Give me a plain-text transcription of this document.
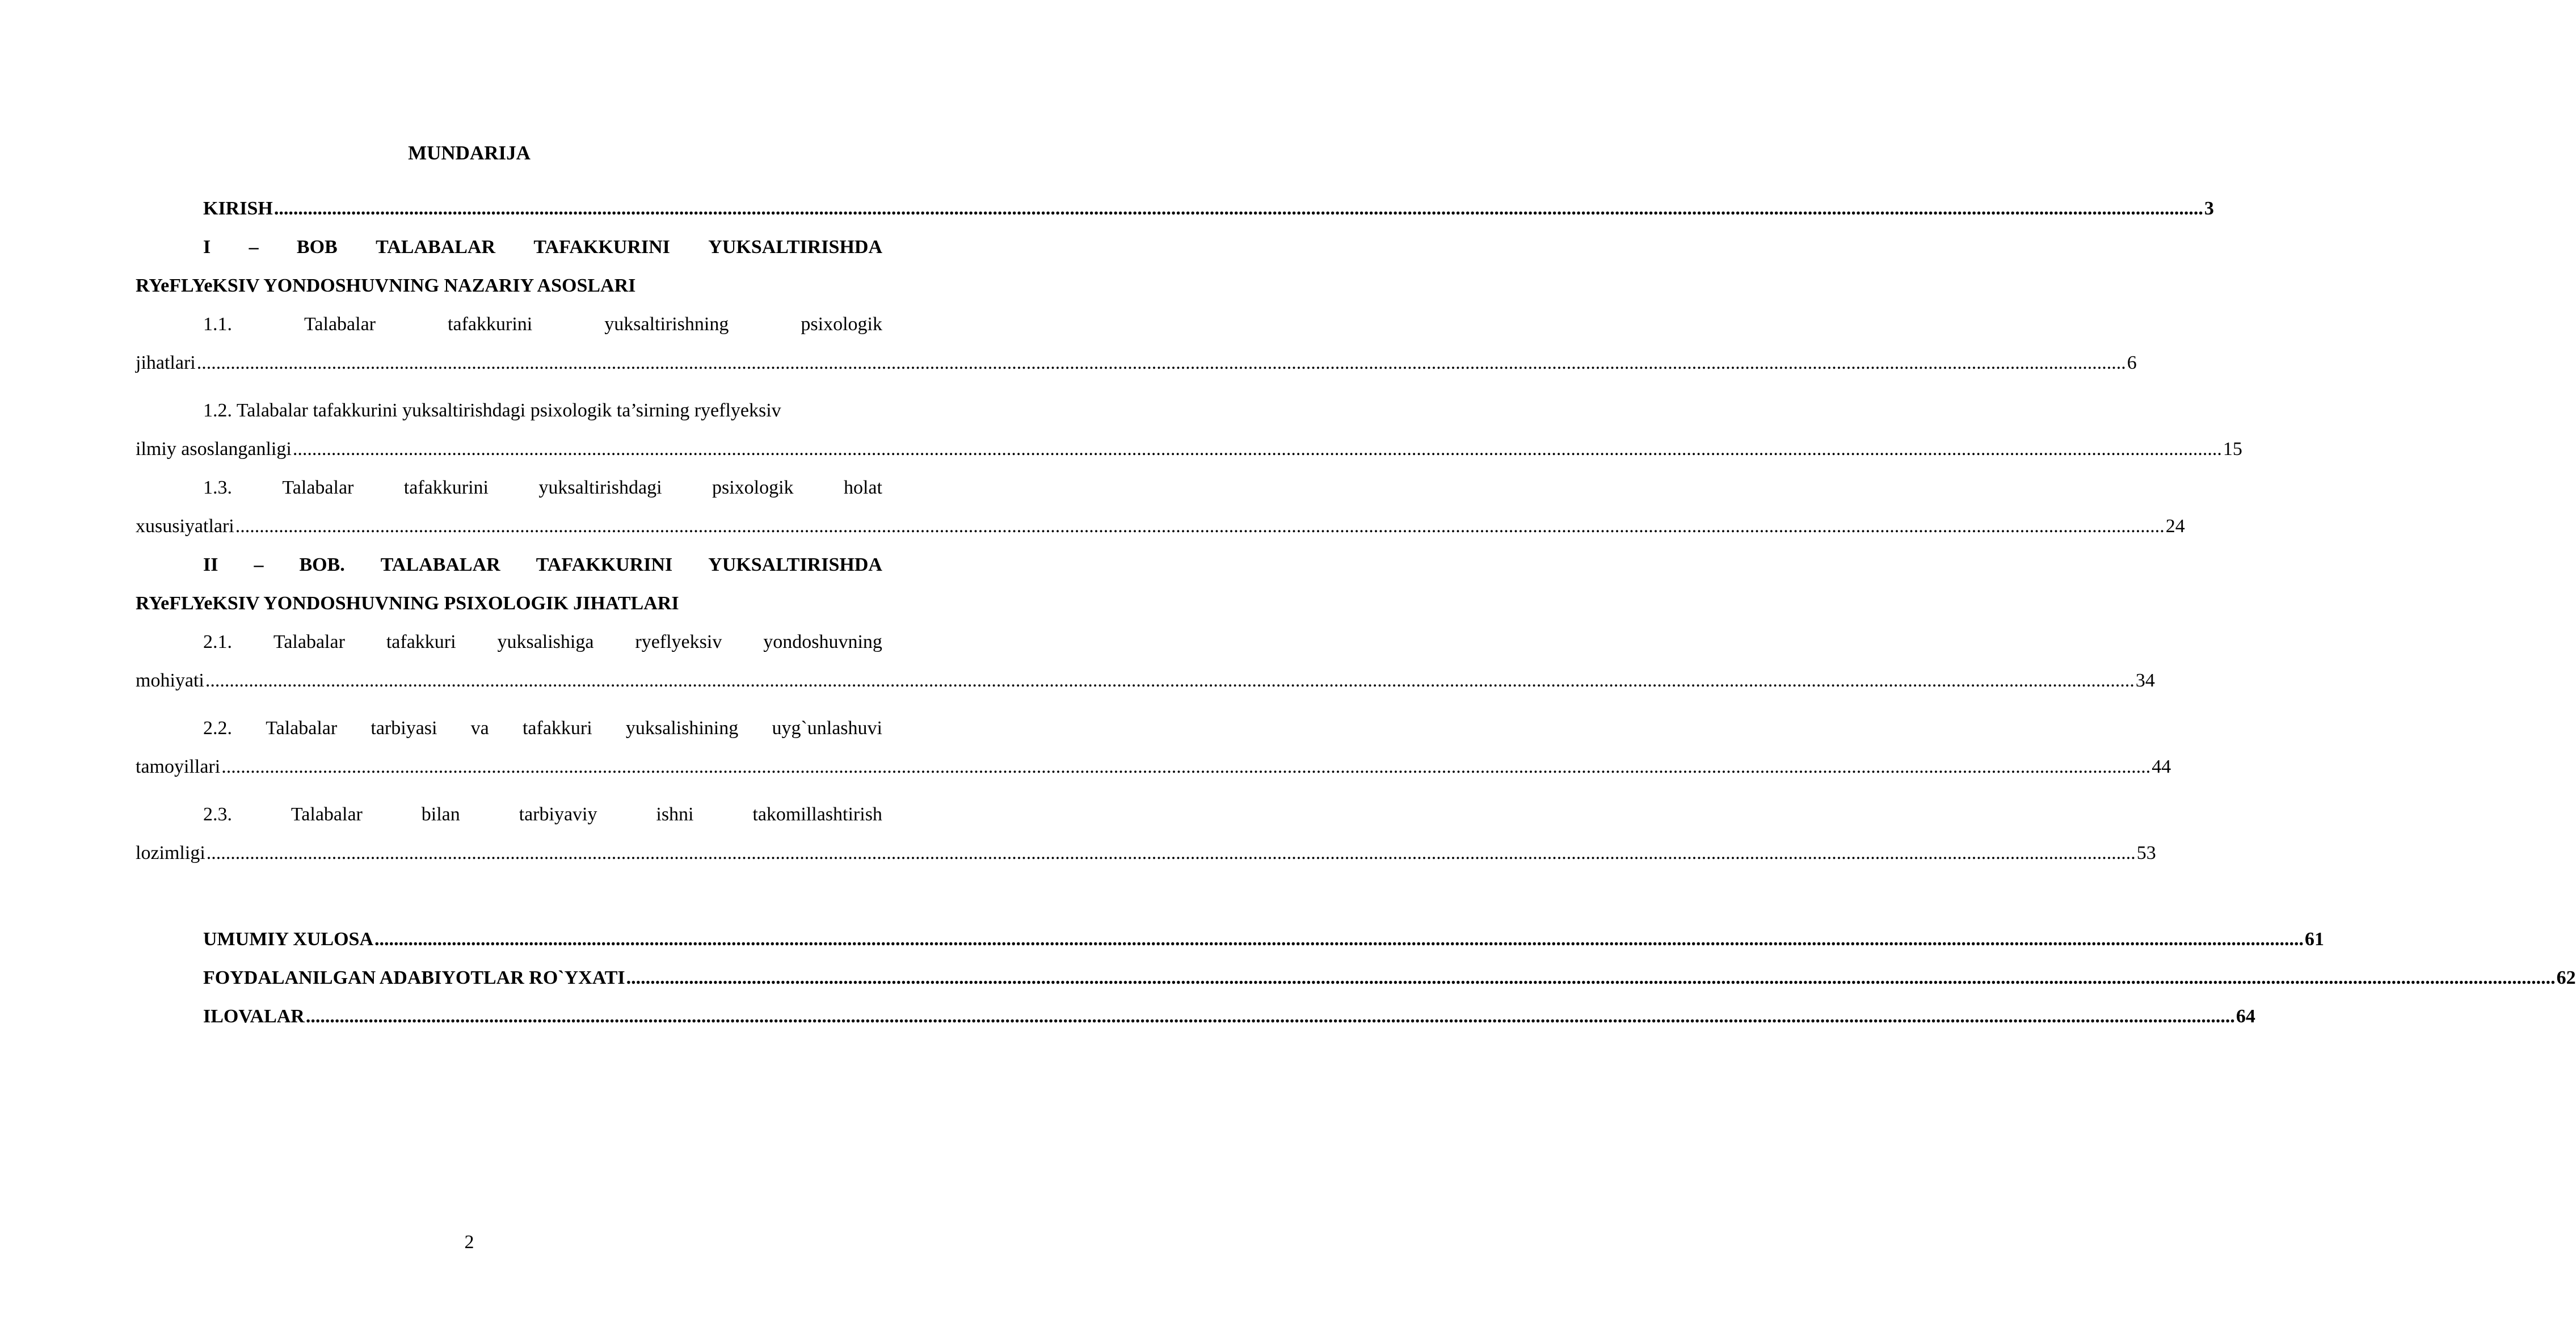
MUNDARIJA
KIRISH ................................................................................................................................................................................................................................................................................................................................................................................................................ 3
I – BOB TALABALAR TAFAKKURINI YUKSALTIRISHDA
RYeFLYeKSIV YONDOSHUVNING NAZARIY ASOSLARI
1.1.	Talabalar	tafakkurini	yuksaltirishning	psixologik
jihatlari ................................................................................................................................................................................................................................................................................................................................................................................................................ 6
1.2. Talabalar tafakkurini yuksaltirishdagi psixologik ta’sirning ryeflyeksiv
ilmiy asoslanganligi ................................................................................................................................................................................................................................................................................................................................................................................................................ 15
1.3.	Talabalar	tafakkurini	yuksaltirishdagi	psixologik	holat
xususiyatlari ................................................................................................................................................................................................................................................................................................................................................................................................................ 24
II – BOB. TALABALAR TAFAKKURINI YUKSALTIRISHDA
RYeFLYeKSIV YONDOSHUVNING PSIXOLOGIK JIHATLARI
2.1. Talabalar tafakkuri yuksalishiga ryeflyeksiv yondoshuvning
mohiyati ................................................................................................................................................................................................................................................................................................................................................................................................................ 34
2.2. Talabalar tarbiyasi va tafakkuri yuksalishining uyg`unlashuvi
tamoyillari ................................................................................................................................................................................................................................................................................................................................................................................................................ 44
2.3.	Talabalar	bilan	tarbiyaviy	ishni	takomillashtirish
lozimligi ................................................................................................................................................................................................................................................................................................................................................................................................................ 53
UMUMIY XULOSA ................................................................................................................................................................................................................................................................................................................................................................................................................ 61
FOYDALANILGAN ADABIYOTLAR RO`YXATI ................................................................................................................................................................................................................................................................................................................................................................................................................ 62
ILOVALAR ................................................................................................................................................................................................................................................................................................................................................................................................................ 64
2
